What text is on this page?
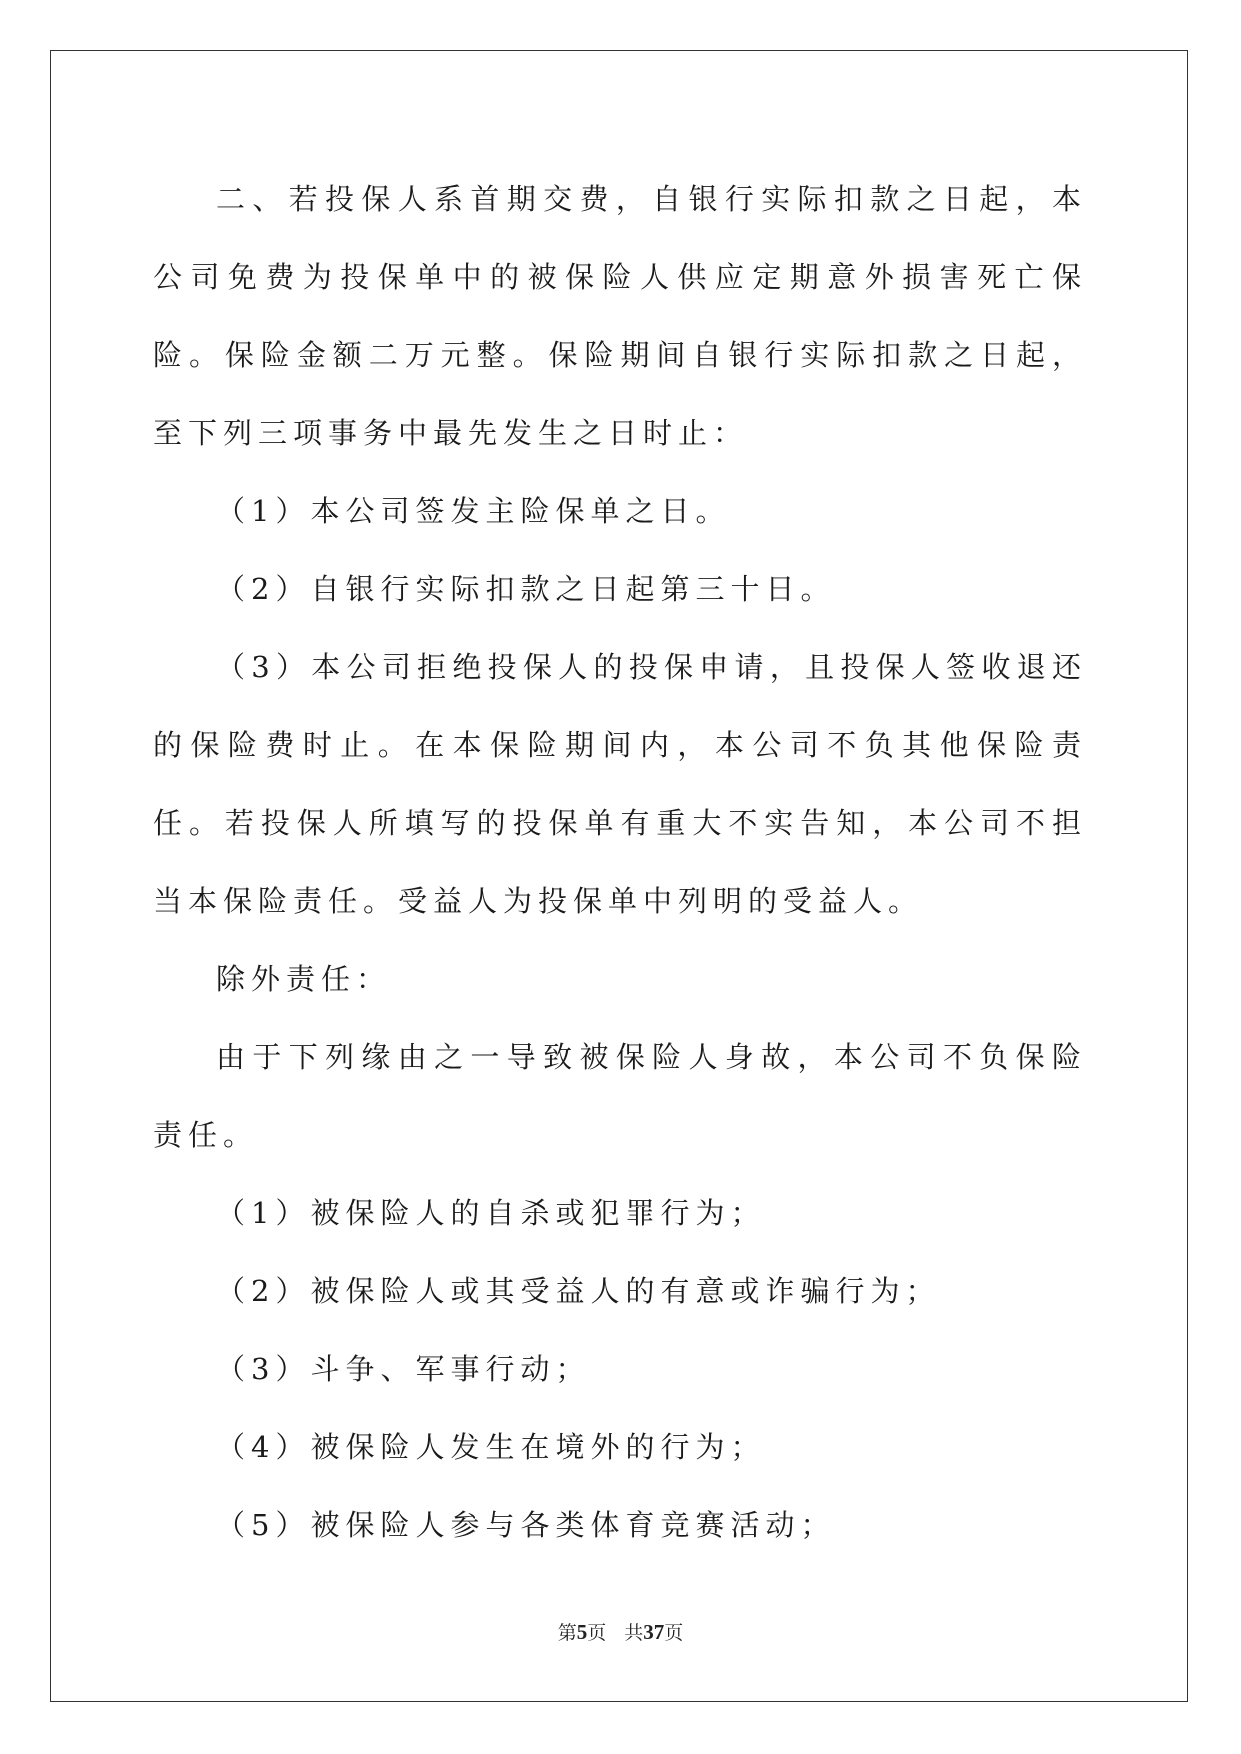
二、若投保人系首期交费，自银行实际扣款之日起，本公司免费为投保单中的被保险人供应定期意外损害死亡保险。保险金额二万元整。保险期间自银行实际扣款之日起，至下列三项事务中最先发生之日时止：

（1）本公司签发主险保单之日。

（2）自银行实际扣款之日起第三十日。

（3）本公司拒绝投保人的投保申请，且投保人签收退还的保险费时止。在本保险期间内，本公司不负其他保险责任。若投保人所填写的投保单有重大不实告知，本公司不担当本保险责任。受益人为投保单中列明的受益人。

除外责任：

由于下列缘由之一导致被保险人身故，本公司不负保险责任。

（1）被保险人的自杀或犯罪行为；

（2）被保险人或其受益人的有意或诈骗行为；

（3）斗争、军事行动；

（4）被保险人发生在境外的行为；

（5）被保险人参与各类体育竞赛活动；

第5页 共37页
